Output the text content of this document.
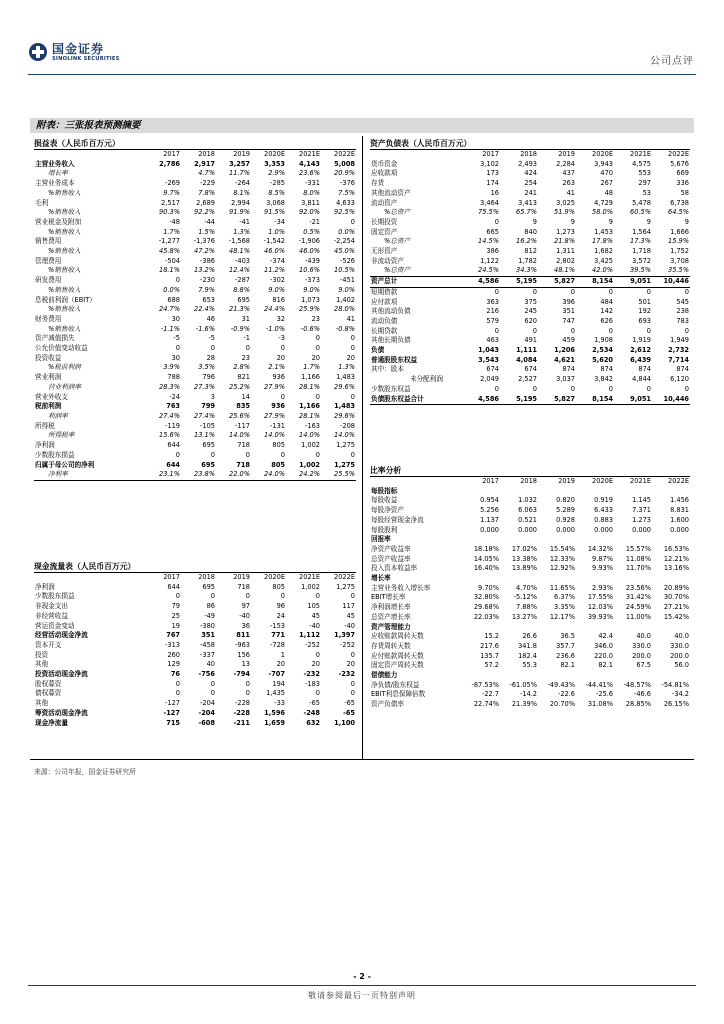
国金证券
SINOLINK SECURITIES	公司点评
附表：三张报表预测摘要
损益表（人民币百万元）
	2017	2018	2019	2020E	2021E	2022E
主营业务收入	2,786	2,917	3,257	3,353	4,143	5,008
增长率		4.7%	11.7%	2.9%	23.6%	20.9%
主营业务成本	-269	-229	-264	-285	-331	-376
%销售收入	9.7%	7.8%	8.1%	8.5%	8.0%	7.5%
毛利	2,517	2,689	2,994	3,068	3,811	4,633
%销售收入	90.3%	92.2%	91.9%	91.5%	92.0%	92.5%
营业税金及附加	-48	-44	-41	-34	-21	0
%销售收入	1.7%	1.5%	1.3%	1.0%	0.5%	0.0%
销售费用	-1,277	-1,376	-1,568	-1,542	-1,906	-2,254
%销售收入	45.8%	47.2%	48.1%	46.0%	46.0%	45.0%
管理费用	-504	-386	-403	-374	-439	-526
%销售收入	18.1%	13.2%	12.4%	11.2%	10.6%	10.5%
研发费用	0	-230	-287	-302	-373	-451
%销售收入	0.0%	7.9%	8.8%	9.0%	9.0%	9.0%
息税前利润（EBIT）	688	653	695	816	1,073	1,402
%销售收入	24.7%	22.4%	21.3%	24.4%	25.9%	28.0%
财务费用	30	46	31	32	23	41
%销售收入	-1.1%	-1.6%	-0.9%	-1.0%	-0.6%	-0.8%
资产减值损失	-5	-5	-1	-3	0	0
公允价值变动收益	0	0	0	0	0	0
投资收益	30	28	23	20	20	20
%税前利润	3.9%	3.5%	2.8%	2.1%	1.7%	1.3%
营业利润	788	796	821	936	1,166	1,483
营业利润率	28.3%	27.3%	25.2%	27.9%	28.1%	29.6%
营业外收支	-24	3	14	0	0	0
税前利润	763	799	835	936	1,166	1,483
利润率	27.4%	27.4%	25.6%	27.9%	28.1%	29.6%
所得税	-119	-105	-117	-131	-163	-208
所得税率	15.6%	13.1%	14.0%	14.0%	14.0%	14.0%
净利润	644	695	718	805	1,002	1,275
少数股东损益	0	0	0	0	0	0
归属于母公司的净利	644	695	718	805	1,002	1,275
净利率	23.1%	23.8%	22.0%	24.0%	24.2%	25.5%
资产负债表（人民币百万元）
	2017	2018	2019	2020E	2021E	2022E
货币资金	3,102	2,493	2,284	3,943	4,575	5,676
应收款项	173	424	437	470	553	669
存货	174	254	263	267	297	336
其他流动资产	16	241	41	48	53	58
流动资产	3,464	3,413	3,025	4,729	5,478	6,738
%总资产	75.5%	65.7%	51.9%	58.0%	60.5%	64.5%
长期投资	0	9	9	9	9	9
固定资产	665	840	1,273	1,453	1,564	1,666
%总资产	14.5%	16.2%	21.8%	17.8%	17.3%	15.9%
无形资产	386	812	1,311	1,682	1,718	1,752
非流动资产	1,122	1,782	2,802	3,425	3,572	3,708
%总资产	24.5%	34.3%	48.1%	42.0%	39.5%	35.5%
资产总计	4,586	5,195	5,827	8,154	9,051	10,446
短期借款	0	0	0	0	0	0
应付款项	363	375	396	484	501	545
其他流动负债	216	245	351	142	192	238
流动负债	579	620	747	626	693	783
长期贷款	0	0	0	0	0	0
其他长期负债	463	491	459	1,908	1,919	1,949
负债	1,043	1,111	1,206	2,534	2,612	2,732
普通股股东权益	3,543	4,084	4,621	5,620	6,439	7,714
其中：股本	674	674	874	874	874	874
未分配利润	2,049	2,527	3,037	3,842	4,844	6,120
少数股东权益	0	0	0	0	0	0
负债股东权益合计	4,586	5,195	5,827	8,154	9,051	10,446
现金流量表（人民币百万元）
	2017	2018	2019	2020E	2021E	2022E
净利润	644	695	718	805	1,002	1,275
少数股东损益	0	0	0	0	0	0
非现金支出	79	86	97	96	105	117
非经营收益	25	-49	-40	24	45	45
营运资金变动	19	-380	36	-153	-40	-40
经营活动现金净流	767	351	811	771	1,112	1,397
资本开支	-313	-458	-963	-728	-252	-252
投资	260	-337	156	1	0	0
其他	129	40	13	20	20	20
投资活动现金净流	76	-756	-794	-707	-232	-232
股权募资	0	0	0	194	-183	0
债权募资	0	0	0	1,435	0	0
其他	-127	-204	-228	-33	-65	-65
筹资活动现金净流	-127	-204	-228	1,596	-248	-65
现金净流量	715	-608	-211	1,659	632	1,100
比率分析
	2017	2018	2019	2020E	2021E	2022E
每股指标						
每股收益	0.954	1.032	0.820	0.919	1.145	1.456
每股净资产	5.256	6.063	5.289	6.433	7.371	8.831
每股经营现金净流	1.137	0.521	0.928	0.883	1.273	1.600
每股股利	0.000	0.000	0.000	0.000	0.000	0.000
回报率						
净资产收益率	18.18%	17.02%	15.54%	14.32%	15.57%	16.53%
总资产收益率	14.05%	13.38%	12.33%	9.87%	11.08%	12.21%
投入资本收益率	16.40%	13.89%	12.92%	9.93%	11.70%	13.16%
增长率						
主营业务收入增长率	9.70%	4.70%	11.65%	2.93%	23.56%	20.89%
EBIT增长率	32.80%	-5.12%	6.37%	17.55%	31.42%	30.70%
净利润增长率	29.68%	7.88%	3.35%	12.03%	24.59%	27.21%
总资产增长率	22.03%	13.27%	12.17%	39.93%	11.00%	15.42%
资产管理能力						
应收账款周转天数	15.2	26.6	36.5	42.4	40.0	40.0
存货周转天数	217.6	341.8	357.7	346.0	330.0	330.0
应付账款周转天数	135.7	182.4	236.6	220.0	200.0	200.0
固定资产周转天数	57.2	55.3	82.1	82.1	67.5	56.0
偿债能力						
净负债/股东权益	-87.53%	-61.05%	-49.43%	-44.41%	-48.57%	-54.81%
EBIT利息保障倍数	-22.7	-14.2	-22.6	-25.6	-46.6	-34.2
资产负债率	22.74%	21.39%	20.70%	31.08%	28.85%	26.15%
来源：公司年报，国金证券研究所
- 2 -
敬请参阅最后一页特别声明
